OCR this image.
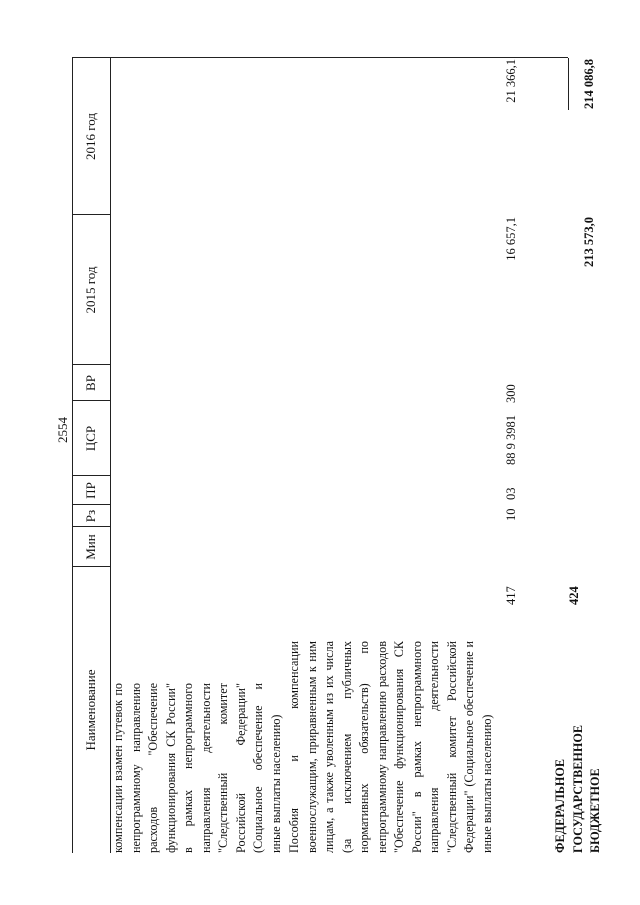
2554
Наименование
Мин
Рз
ПР
ЦСР
ВР
2015 год
2016 год
компенсации взамен путевок по непрограммному направлению расходов "Обеспечение функционирования СК России" в рамках непрограммного направления деятельности "Следственный комитет Российской Федерации" (Социальное обеспечение и иные выплаты населению) Пособия и компенсации военнослужащим, приравненным к ним лицам, а также уволенным из их числа (за исключением публичных нормативных обязательств) по непрограммному направлению расходов "Обеспечение функционирования СК России" в рамках непрограммного направления деятельности "Следственный комитет Российской Федерации" (Социальное обеспечение и иные выплаты населению)
417
10
03
88 9 3981
300
16 657,1
21 366,1
ФЕДЕРАЛЬНОЕ ГОСУДАРСТВЕННОЕ БЮДЖЕТНОЕ
424
213 573,0
214 086,8
